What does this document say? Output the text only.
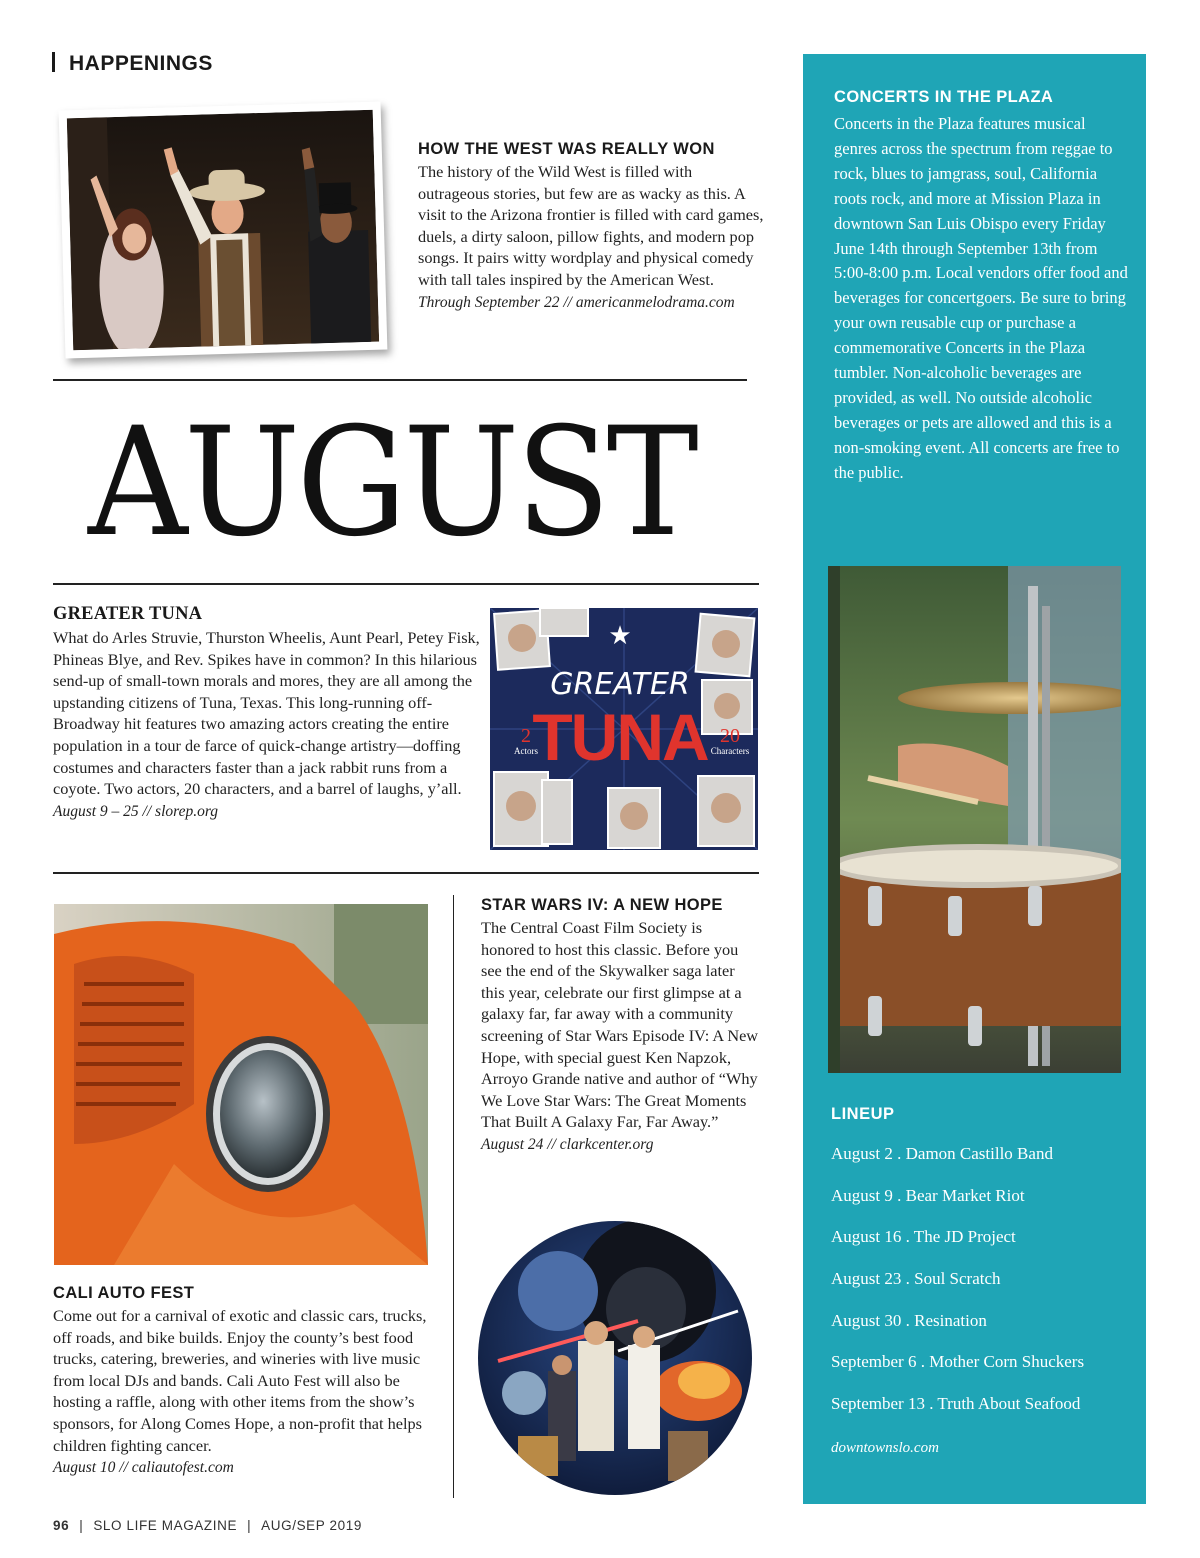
HAPPENINGS
HOW THE WEST WAS REALLY WON
The history of the Wild West is filled with outrageous stories, but few are as wacky as this. A visit to the Arizona frontier is filled with card games, duels, a dirty saloon, pillow fights, and modern pop songs. It pairs witty wordplay and physical comedy with tall tales inspired by the American West.
Through September 22 // americanmelodrama.com
AUGUST
GREATER TUNA
What do Arles Struvie, Thurston Wheelis, Aunt Pearl, Petey Fisk, Phineas Blye, and Rev. Spikes have in common? In this hilarious send-up of small-town morals and mores, they are all among the upstanding citizens of Tuna, Texas. This long-running off-Broadway hit features two amazing actors creating the entire population in a tour de farce of quick-change artistry—doffing costumes and characters faster than a jack rabbit runs from a coyote. Two actors, 20 characters, and a barrel of laughs, y’all.
August 9 – 25 // slorep.org
★
GREATER
TUNA
2
Actors
20
Characters
STAR WARS IV: A NEW HOPE
The Central Coast Film Society is honored to host this classic. Before you see the end of the Skywalker saga later this year, celebrate our first glimpse at a galaxy far, far away with a community screening of Star Wars Episode IV: A New Hope, with special guest Ken Napzok, Arroyo Grande native and author of “Why We Love Star Wars: The Great Moments That Built A Galaxy Far, Far Away.”
August 24 // clarkcenter.org
CALI AUTO FEST
Come out for a carnival of exotic and classic cars, trucks, off roads, and bike builds. Enjoy the county’s best food trucks, catering, breweries, and wineries with live music from local DJs and bands. Cali Auto Fest will also be hosting a raffle, along with other items from the show’s sponsors, for Along Comes Hope, a non-profit that helps children fighting cancer.
August 10 // caliautofest.com
CONCERTS IN THE PLAZA
Concerts in the Plaza features musical genres across the spectrum from reggae to rock, blues to jamgrass, soul, California roots rock, and more at Mission Plaza in downtown San Luis Obispo every Friday June 14th through September 13th from 5:00-8:00 p.m. Local vendors offer food and beverages for concertgoers. Be sure to bring your own reusable cup or purchase a commemorative Concerts in the Plaza tumbler. Non-alcoholic beverages are provided, as well. No outside alcoholic beverages or pets are allowed and this is a non-smoking event. All concerts are free to the public.
LINEUP
August 2 . Damon Castillo Band
August 9 . Bear Market Riot
August 16 . The JD Project
August 23 . Soul Scratch
August 30 . Resination
September 6 . Mother Corn Shuckers
September 13 . Truth About Seafood
downtownslo.com
96 | SLO LIFE MAGAZINE | AUG/SEP 2019
